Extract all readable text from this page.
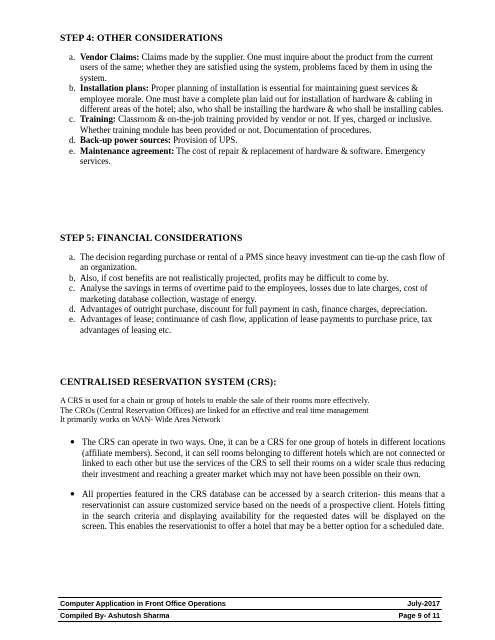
STEP 4: OTHER CONSIDERATIONS
a. Vendor Claims: Claims made by the supplier. One must inquire about the product from the current users of the same; whether they are satisfied using the system, problems faced by them in using the system.
b. Installation plans: Proper planning of installation is essential for maintaining guest services & employee morale. One must have a complete plan laid out for installation of hardware & cabling in different areas of the hotel; also, who shall be installing the hardware & who shall be installing cables.
c. Training: Classroom & on-the-job training provided by vendor or not. If yes, charged or inclusive. Whether training module has been provided or not. Documentation of procedures.
d. Back-up power sources: Provision of UPS.
e. Maintenance agreement: The cost of repair & replacement of hardware & software. Emergency services.
STEP 5: FINANCIAL CONSIDERATIONS
a. The decision regarding purchase or rental of a PMS since heavy investment can tie-up the cash flow of an organization.
b. Also, if cost benefits are not realistically projected, profits may be difficult to come by.
c. Analyse the savings in terms of overtime paid to the employees, losses due to late charges, cost of marketing database collection, wastage of energy.
d. Advantages of outright purchase, discount for full payment in cash, finance charges, depreciation.
e. Advantages of lease; continuance of cash flow, application of lease payments to purchase price, tax advantages of leasing etc.
CENTRALISED RESERVATION SYSTEM (CRS):
A CRS is used for a chain or group of hotels to enable the sale of their rooms more effectively.
The CROs (Central Reservation Offices) are linked for an effective and real time management
It primarily works on WAN- Wide Area Network
● The CRS can operate in two ways. One, it can be a CRS for one group of hotels in different locations (affiliate members). Second, it can sell rooms belonging to different hotels which are not connected or linked to each other but use the services of the CRS to sell their rooms on a wider scale thus reducing their investment and reaching a greater market which may not have been possible on their own.
● All properties featured in the CRS database can be accessed by a search criterion- this means that a reservationist can assure customized service based on the needs of a prospective client. Hotels fitting in the search criteria and displaying availability for the requested dates will be displayed on the screen. This enables the reservationist to offer a hotel that may be a better option for a scheduled date.
Computer Application in Front Office Operations	July-2017
Compiled By- Ashutosh Sharma	Page 9 of 11
